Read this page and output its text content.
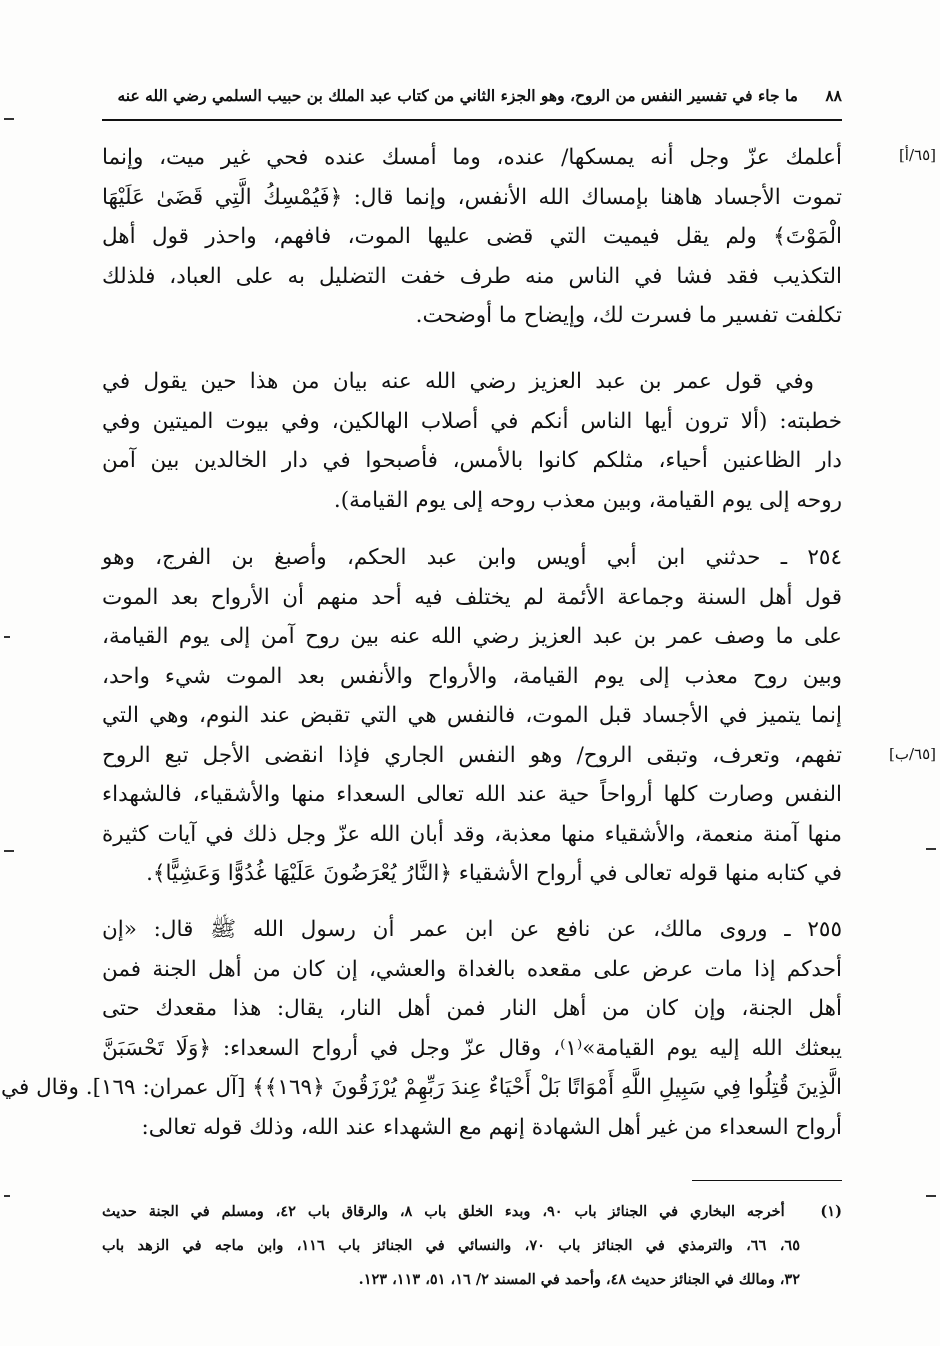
٨٨
ما جاء في تفسير النفس من الروح، وهو الجزء الثاني من كتاب عبد الملك بن حبيب السلمي رضي الله عنه
[٦٥/أ]
[٦٥/ب]
أعلمك عزّ وجل أنه يمسكها/ عنده، وما أمسك عنده فحي غير ميت، وإنما
تموت الأجساد هاهنا بإمساك الله الأنفس، وإنما قال: ﴿فَيُمْسِكُ الَّتِي قَضَىٰ عَلَيْهَا
الْمَوْتَ﴾ ولم يقل فيميت التي قضى عليها الموت، فافهم، واحذر قول أهل
التكذيب فقد فشا في الناس منه طرف خفت التضليل به على العباد، فلذلك
تكلفت تفسير ما فسرت لك، وإيضاح ما أوضحت.
وفي قول عمر بن عبد العزيز رضي الله عنه بيان من هذا حين يقول في
خطبته: (ألا ترون أيها الناس أنكم في أصلاب الهالكين، وفي بيوت الميتين وفي
دار الظاعنين أحياء، مثلكم كانوا بالأمس، فأصبحوا في دار الخالدين بين آمن
روحه إلى يوم القيامة، وبين معذب روحه إلى يوم القيامة).
٢٥٤ ـ حدثني ابن أبي أويس وابن عبد الحكم، وأصبغ بن الفرج، وهو
قول أهل السنة وجماعة الأئمة لم يختلف فيه أحد منهم أن الأرواح بعد الموت
على ما وصف عمر بن عبد العزيز رضي الله عنه بين روح آمن إلى يوم القيامة،
وبين روح معذب إلى يوم القيامة، والأرواح والأنفس بعد الموت شيء واحد،
إنما يتميز في الأجساد قبل الموت، فالنفس هي التي تقبض عند النوم، وهي التي
تفهم، وتعرف، وتبقى الروح/ وهو النفس الجاري فإذا انقضى الأجل تبع الروح
النفس وصارت كلها أرواحاً حية عند الله تعالى السعداء منها والأشقياء، فالشهداء
منها آمنة منعمة، والأشقياء منها معذبة، وقد أبان الله عزّ وجل ذلك في آيات كثيرة
في كتابه منها قوله تعالى في أرواح الأشقياء ﴿النَّارُ يُعْرَضُونَ عَلَيْهَا غُدُوًّا وَعَشِيًّا﴾.
٢٥٥ ـ وروى مالك، عن نافع عن ابن عمر أن رسول الله ﷺ قال: «إن
أحدكم إذا مات عرض على مقعده بالغداة والعشي، إن كان من أهل الجنة فمن
أهل الجنة، وإن كان من أهل النار فمن أهل النار، يقال: هذا مقعدك حتى
يبعثك الله إليه يوم القيامة»⁽١⁾، وقال عزّ وجل في أرواح السعداء: ﴿وَلَا تَحْسَبَنَّ
الَّذِينَ قُتِلُوا فِي سَبِيلِ اللَّهِ أَمْوَاتًا بَلْ أَحْيَاءٌ عِندَ رَبِّهِمْ يُرْزَقُونَ ﴿١٦٩﴾﴾ [آل عمران: ١٦٩]. وقال في
أرواح السعداء من غير أهل الشهادة إنهم مع الشهداء عند الله، وذلك قوله تعالى:
(١)   أخرجه البخاري في الجنائز باب ٩٠، وبدء الخلق باب ٨، والرقاق باب ٤٢، ومسلم في الجنة حديث
٦٥، ٦٦، والترمذي في الجنائز باب ٧٠، والنسائي في الجنائز باب ١١٦، وابن ماجه في الزهد باب
٣٢، ومالك في الجنائز حديث ٤٨، وأحمد في المسند ٢/ ١٦، ٥١، ١١٣، ١٢٣.
